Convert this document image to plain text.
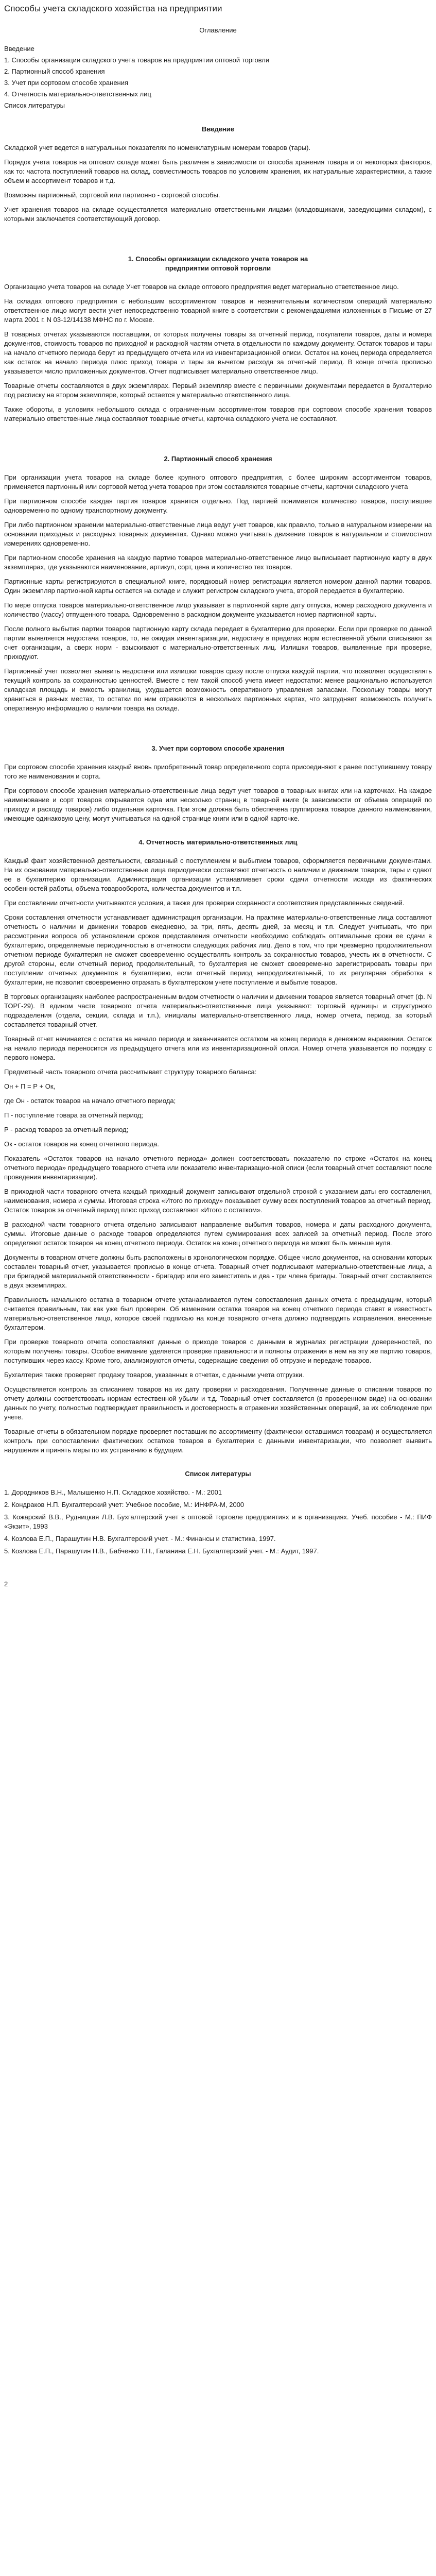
Способы учета складского хозяйства на предприятии

Оглавление

Введение

1. Способы организации складского учета товаров на предприятии оптовой торговли

2. Партионный способ хранения

3. Учет при сортовом способе хранения

4. Отчетность материально-ответственных лиц

Список литературы

Введение

Складской учет ведется в натуральных показателях по номенклатурным номерам товаров (тары).

Порядок учета товаров на оптовом складе может быть различен в зависимости от способа хранения товара и от некоторых факторов, как то: частота поступлений товаров на склад, совместимость товаров по условиям хранения, их натуральные характеристики, а также объем и ассортимент товаров и т.д.

Возможны партионный, сортовой или партионно - сортовой способы.

Учет хранения товаров на складе осуществляется материально ответственными лицами (кладовщиками, заведующими складом), с которыми заключается соответствующий договор.

1. Способы организации складского учета товаров на
предприятии оптовой торговли

Организацию учета товаров на складе Учет товаров на складе оптового предприятия ведет материально ответственное лицо.

На складах оптового предприятия с небольшим ассортиментом товаров и незначительным количеством операций материально ответственное лицо могут вести учет непосредственно товарной книге в соответствии с рекомендациями изложенных в Письме от 27 марта 2001 г. N 03-12/14138 МФНС по г. Москве.

В товарных отчетах указываются поставщики, от которых получены товары за отчетный период, покупатели товаров, даты и номера документов, стоимость товаров по приходной и расходной частям отчета в отдельности по каждому документу. Остаток товаров и тары на начало отчетного периода берут из предыдущего отчета или из инвентаризационной описи. Остаток на конец периода определяется как остаток на начало периода плюс приход товара и тары за вычетом расхода за отчетный период. В конце отчета прописью указывается число приложенных документов. Отчет подписывает материально ответственное лицо.

Товарные отчеты составляются в двух экземплярах. Первый экземпляр вместе с первичными документами передается в бухгалтерию под расписку на втором экземпляре, который остается у материально ответственного лица.

Также обороты, в условиях небольшого склада с ограниченным ассортиментом товаров при сортовом способе хранения товаров материально ответственные лица составляют товарные отчеты, карточка складского учета не составляют.

2. Партионный способ хранения

При организации учета товаров на складе более крупного оптового предприятия, с более широким ассортиментом товаров, применяется партионный или сортовой метод учета товаров при этом составляются товарные отчеты, карточки складского учета

При партионном способе каждая партия товаров хранится отдельно. Под партией понимается количество товаров, поступившее одновременно по одному транспортному документу.

При либо партионном хранении материально-ответственные лица ведут учет товаров, как правило, только в натуральном измерении на основании приходных и расходных товарных документах. Однако можно учитывать движение товаров в натуральном и стоимостном измерениях одновременно.

При партионном способе хранения на каждую партию товаров материально-ответственное лицо выписывает партионную карту в двух экземплярах, где указываются наименование, артикул, сорт, цена и количество тех товаров.

Партионные карты регистрируются в специальной книге, порядковый номер регистрации является номером данной партии товаров. Один экземпляр партионной карты остается на складе и служит регистром складского учета, второй передается в бухгалтерию.

По мере отпуска товаров материально-ответственное лицо указывает в партионной карте дату отпуска, номер расходного документа и количество (массу) отпущенного товара. Одновременно в расходном документе указывается номер партионной карты.

После полного выбытия партии товаров партионную карту склада передает в бухгалтерию для проверки. Если при проверке по данной партии выявляется недостача товаров, то, не ожидая инвентаризации, недостачу в пределах норм естественной убыли списывают за счет организации, а сверх норм - взыскивают с материально-ответственных лиц. Излишки товаров, выявленные при проверке, приходуют.

Партионный учет позволяет выявить недостачи или излишки товаров сразу после отпуска каждой партии, что позволяет осуществлять текущий контроль за сохранностью ценностей. Вместе с тем такой способ учета имеет недостатки: менее рационально используется складская площадь и емкость хранилищ, ухудшается возможность оперативного управления запасами. Поскольку товары могут храниться в разных местах, то остатки по ним отражаются в нескольких партионных картах, что затрудняет возможность получить оперативную информацию о наличии товара на складе.

3. Учет при сортовом способе хранения

При сортовом способе хранения каждый вновь приобретенный товар определенного сорта присоединяют к ранее поступившему товару того же наименования и сорта.

При сортовом способе хранения материально-ответственные лица ведут учет товаров в товарных книгах или на карточках. На каждое наименование и сорт товаров открывается одна или несколько страниц в товарной книге (в зависимости от объема операций по приходу и расходу товаров) либо отдельная карточка. При этом должна быть обеспечена группировка товаров данного наименования, имеющие одинаковую цену, могут учитываться на одной странице книги или в одной карточке.

4. Отчетность материально-ответственных лиц

Каждый факт хозяйственной деятельности, связанный с поступлением и выбытием товаров, оформляется первичными документами. На их основании материально-ответственные лица периодически составляют отчетность о наличии и движении товаров, тары и сдают ее в бухгалтерию организации. Администрация организации устанавливает сроки сдачи отчетности исходя из фактических особенностей работы, объема товарооборота, количества документов и т.п.

При составлении отчетности учитываются условия, а также для проверки сохранности соответствия представленных сведений.

Сроки составления отчетности устанавливает администрация организации. На практике материально-ответственные лица составляют отчетность о наличии и движении товаров ежедневно, за три, пять, десять дней, за месяц и т.п. Следует учитывать, что при рассмотрении вопроса об установлении сроков представления отчетности необходимо соблюдать оптимальные сроки ее сдачи в бухгалтерию, определяемые периодичностью в отчетности следующих рабочих лиц. Дело в том, что при чрезмерно продолжительном отчетном периоде бухгалтерия не сможет своевременно осуществлять контроль за сохранностью товаров, учесть их в отчетности. С другой стороны, если отчетный период продолжительный, то бухгалтерия не сможет своевременно зарегистрировать товары при поступлении отчетных документов в бухгалтерию, если отчетный период непродолжительный, то их регулярная обработка в бухгалтерии, не позволит своевременно отражать в бухгалтерском учете поступление и выбытие товаров.

В торговых организациях наиболее распространенным видом отчетности о наличии и движении товаров является товарный отчет (ф. N ТОРГ-29). В едином часте товарного отчета материально-ответственные лица указывают: торговый единицы и структурного подразделения (отдела, секции, склада и т.п.), инициалы материально-ответственного лица, номер отчета, период, за который составляется товарный отчет.

Товарный отчет начинается с остатка на начало периода и заканчивается остатком на конец периода в денежном выражении. Остаток на начало периода переносится из предыдущего отчета или из инвентаризационной описи. Номер отчета указывается по порядку с первого номера.

Предметный часть товарного отчета рассчитывает структуру товарного баланса:

Он + П = Р + Ок,

где Он - остаток товаров на начало отчетного периода;

П - поступление товара за отчетный период;

Р - расход товаров за отчетный период;

Ок - остаток товаров на конец отчетного периода.

Показатель «Остаток товаров на начало отчетного периода» должен соответствовать показателю по строке «Остаток на конец отчетного периода» предыдущего товарного отчета или показателю инвентаризационной описи (если товарный отчет составляют после проведения инвентаризации).

В приходной части товарного отчета каждый приходный документ записывают отдельной строкой с указанием даты его составления, наименования, номера и суммы. Итоговая строка «Итого по приходу» показывает сумму всех поступлений товаров за отчетный период. Остаток товаров за отчетный период плюс приход составляют «Итого с остатком».

В расходной части товарного отчета отдельно записывают направление выбытия товаров, номера и даты расходного документа, суммы. Итоговые данные о расходе товаров определяются путем суммирования всех записей за отчетный период. После этого определяют остаток товаров на конец отчетного периода. Остаток на конец отчетного периода не может быть меньше нуля.

Документы в товарном отчете должны быть расположены в хронологическом порядке. Общее число документов, на основании которых составлен товарный отчет, указывается прописью в конце отчета. Товарный отчет подписывают материально-ответственные лица, а при бригадной материальной ответственности - бригадир или его заместитель и два - три члена бригады. Товарный отчет составляется в двух экземплярах.

Правильность начального остатка в товарном отчете устанавливается путем сопоставления данных отчета с предыдущим, который считается правильным, так как уже был проверен. Об изменении остатка товаров на конец отчетного периода ставят в известность материально-ответственное лицо, которое своей подписью на конце товарного отчета должно подтвердить исправления, внесенные бухгалтером.

При проверке товарного отчета сопоставляют данные о приходе товаров с данными в журналах регистрации доверенностей, по которым получены товары. Особое внимание уделяется проверке правильности и полноты отражения в нем на эту же партию товаров, поступивших через кассу. Кроме того, анализируются отчеты, содержащие сведения об отгрузке и передаче товаров.

Бухгалтерия также проверяет продажу товаров, указанных в отчетах, с данными учета отгрузки.

Осуществляется контроль за списанием товаров на их дату проверки и расходования. Полученные данные о списании товаров по отчету должны соответствовать нормам естественной убыли и т.д. Товарный отчет составляется (в проверенном виде) на основании данных по учету, полностью подтверждает правильность и достоверность в отражении хозяйственных операций, за их соблюдение при учете.

Товарные отчеты в обязательном порядке проверяет поставщик по ассортименту (фактически оставшимся товарам) и осуществляется контроль при сопоставлении фактических остатков товаров в бухгалтерии с данными инвентаризации, что позволяет выявить нарушения и принять меры по их устранению в будущем.

Список литературы

1. Дородников В.Н., Малышенко Н.П. Складское хозяйство. - М.: 2001

2. Кондраков Н.П. Бухгалтерский учет: Учебное пособие, М.: ИНФРА-М, 2000

3. Кожарский В.В., Рудницкая Л.В. Бухгалтерский учет в оптовой торговле предприятиях и в организациях. Учеб. пособие - М.: ПИФ «Экзит», 1993

4. Козлова Е.П., Парашутин Н.В. Бухгалтерский учет. - М.: Финансы и статистика, 1997.

5. Козлова Е.П., Парашутин Н.В., Бабченко Т.Н., Галанина Е.Н. Бухгалтерский учет. - М.: Аудит, 1997.

2
